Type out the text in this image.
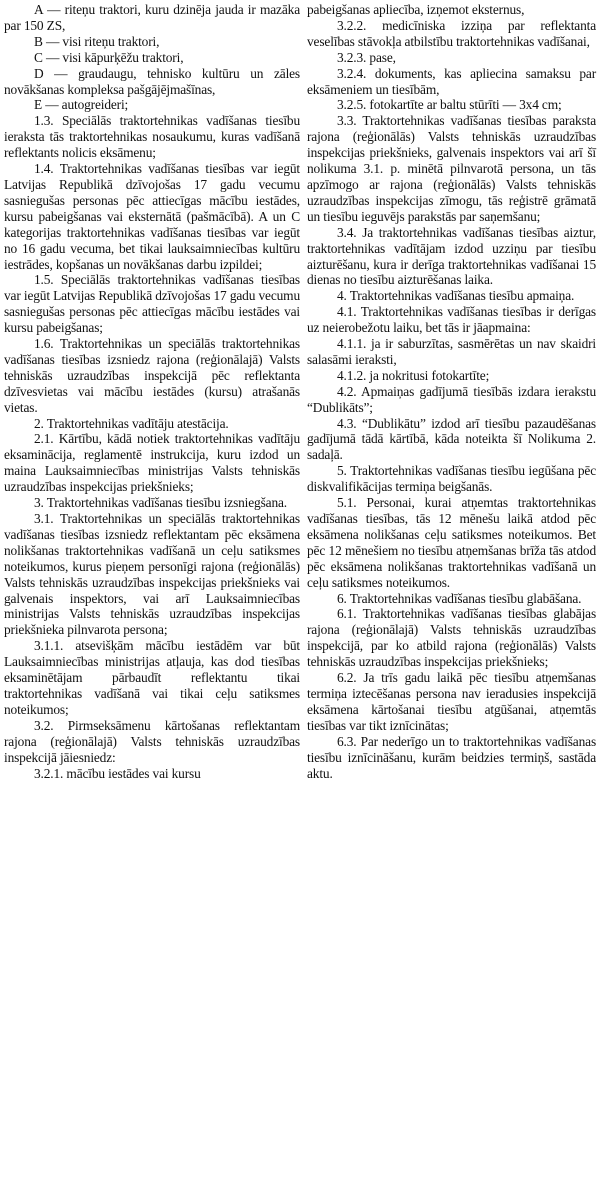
A — riteņu traktori, kuru dzinēja jauda ir mazāka par 150 ZS,

B — visi riteņu traktori,

C — visi kāpurķēžu traktori,

D — graudaugu, tehnisko kultūru un zāles novākšanas kompleksa pašgājējmašīnas,

E — autogreideri;

1.3. Speciālās traktortehnikas vadīšanas tiesību ieraksta tās traktortehnikas nosaukumu, kuras vadīšanā reflektants nolicis eksāmenu;

1.4. Traktortehnikas vadīšanas tiesības var iegūt Latvijas Republikā dzīvojošas 17 gadu vecumu sasniegušas personas pēc attiecīgas mācību iestādes, kursu pabeigšanas vai eksternātā (pašmācībā). A un C kategorijas traktortehnikas vadīšanas tiesības var iegūt no 16 gadu vecuma, bet tikai lauksaimniecības kultūru iestrādes, kopšanas un novākšanas darbu izpildei;

1.5. Speciālās traktortehnikas vadīšanas tiesības var iegūt Latvijas Republikā dzīvojošas 17 gadu vecumu sasniegušas personas pēc attiecīgas mācību iestādes vai kursu pabeigšanas;

1.6. Traktortehnikas un speciālās traktortehnikas vadīšanas tiesības izsniedz rajona (reģionālajā) Valsts tehniskās uzraudzības inspekcijā pēc reflektanta dzīvesvietas vai mācību iestādes (kursu) atrašanās vietas.

2. Traktortehnikas vadītāju atestācija.

2.1. Kārtību, kādā notiek traktortehnikas vadītāju eksaminācija, reglamentē instrukcija, kuru izdod un maina Lauksaimniecības ministrijas Valsts tehniskās uzraudzības inspekcijas priekšnieks;

3. Traktortehnikas vadīšanas tiesību izsniegšana.

3.1. Traktortehnikas un speciālās traktortehnikas vadīšanas tiesības izsniedz reflektantam pēc eksāmena nolikšanas traktortehnikas vadīšanā un ceļu satiksmes noteikumos, kurus pieņem personīgi rajona (reģionālās) Valsts tehniskās uzraudzības inspekcijas priekšnieks vai galvenais inspektors, vai arī Lauksaimniecības ministrijas Valsts tehniskās uzraudzības inspekcijas priekšnieka pilnvarota persona;

3.1.1. atsevišķām mācību iestādēm var būt Lauksaimniecības ministrijas atļauja, kas dod tiesības eksaminētājam pārbaudīt reflektantu tikai traktortehnikas vadīšanā vai tikai ceļu satiksmes noteikumos;

3.2. Pirmseksāmenu kārtošanas reflektantam rajona (reģionālajā) Valsts tehniskās uzraudzības inspekcijā jāiesniedz:

3.2.1. mācību iestādes vai kursu

pabeigšanas apliecība, izņemot eksternus,

3.2.2. medicīniska izziņa par reflektanta veselības stāvokļa atbilstību traktortehnikas vadīšanai,

3.2.3. pase,

3.2.4. dokuments, kas apliecina samaksu par eksāmeniem un tiesībām,

3.2.5. fotokartīte ar baltu stūrīti — 3x4 cm;

3.3. Traktortehnikas vadīšanas tiesības paraksta rajona (reģionālās) Valsts tehniskās uzraudzības inspekcijas priekšnieks, galvenais inspektors vai arī šī nolikuma 3.1. p. minētā pilnvarotā persona, un tās apzīmogo ar rajona (reģionālās) Valsts tehniskās uzraudzības inspekcijas zīmogu, tās reģistrē grāmatā un tiesību ieguvējs parakstās par saņemšanu;

3.4. Ja traktortehnikas vadīšanas tiesības aiztur, traktortehnikas vadītājam izdod uzziņu par tiesību aizturēšanu, kura ir derīga traktortehnikas vadīšanai 15 dienas no tiesību aizturēšanas laika.

4. Traktortehnikas vadīšanas tiesību apmaiņa.

4.1. Traktortehnikas vadīšanas tiesības ir derīgas uz neierobežotu laiku, bet tās ir jāapmaina:

4.1.1. ja ir saburzītas, sasmērētas un nav skaidri salasāmi ieraksti,

4.1.2. ja nokritusi fotokartīte;

4.2. Apmaiņas gadījumā tiesībās izdara ierakstu “Dublikāts”;

4.3. “Dublikātu” izdod arī tiesību pazaudēšanas gadījumā tādā kārtībā, kāda noteikta šī Nolikuma 2. sadaļā.

5. Traktortehnikas vadīšanas tiesību iegūšana pēc diskvalifikācijas termiņa beigšanās.

5.1. Personai, kurai atņemtas traktortehnikas vadīšanas tiesības, tās 12 mēnešu laikā atdod pēc eksāmena nolikšanas ceļu satiksmes noteikumos. Bet pēc 12 mēnešiem no tiesību atņemšanas brīža tās atdod pēc eksāmena nolikšanas traktortehnikas vadīšanā un ceļu satiksmes noteikumos.

6. Traktortehnikas vadīšanas tiesību glabāšana.

6.1. Traktortehnikas vadīšanas tiesības glabājas rajona (reģionālajā) Valsts tehniskās uzraudzības inspekcijā, par ko atbild rajona (reģionālās) Valsts tehniskās uzraudzības inspekcijas priekšnieks;

6.2. Ja trīs gadu laikā pēc tiesību atņemšanas termiņa iztecēšanas persona nav ieradusies inspekcijā eksāmena kārtošanai tiesību atgūšanai, atņemtās tiesības var tikt iznīcinātas;

6.3. Par nederīgo un to traktortehnikas vadīšanas tiesību iznīcināšanu, kurām beidzies termiņš, sastāda aktu.
